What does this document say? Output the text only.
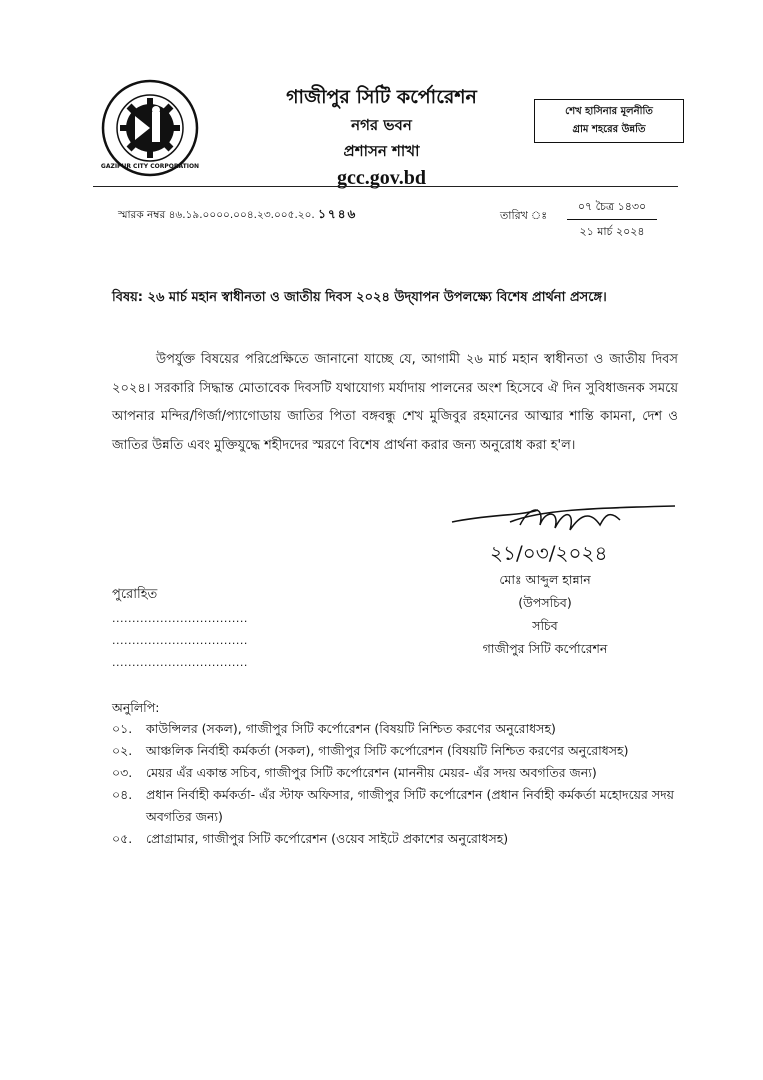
GAZIPUR CITY CORPORATION
গাজীপুর সিটি কর্পোরেশন
নগর ভবন
প্রশাসন শাখা
gcc.gov.bd
শেখ হাসিনার মূলনীতি
গ্রাম শহরের উন্নতি
স্মারক নম্বর ৪৬.১৯.০০০০.০০৪.২৩.০০৫.২০. ১৭৪৬	তারিখ ঃ
০৭ চৈত্র ১৪৩০
২১ মার্চ ২০২৪
বিষয়: ২৬ মার্চ মহান স্বাধীনতা ও জাতীয় দিবস ২০২৪ উদ্‌যাপন উপলক্ষ্যে বিশেষ প্রার্থনা প্রসঙ্গে।
উপর্যুক্ত বিষয়ের পরিপ্রেক্ষিতে জানানো যাচ্ছে যে, আগামী ২৬ মার্চ মহান স্বাধীনতা ও জাতীয় দিবস ২০২৪। সরকারি সিদ্ধান্ত মোতাবেক দিবসটি যথাযোগ্য মর্যাদায় পালনের অংশ হিসেবে ঐ দিন সুবিধাজনক সময়ে আপনার মন্দির/গির্জা/প্যাগোডায় জাতির পিতা বঙ্গবন্ধু শেখ মুজিবুর রহমানের আত্মার শান্তি কামনা, দেশ ও জাতির উন্নতি এবং মুক্তিযুদ্ধে শহীদদের স্মরণে বিশেষ প্রার্থনা করার জন্য অনুরোধ করা হ'ল।
২১/০৩/২০২৪
মোঃ আব্দুল হান্নান
(উপসচিব)
সচিব
গাজীপুর সিটি কর্পোরেশন
পুরোহিত
..................................
..................................
..................................
অনুলিপি:
০১.	কাউন্সিলর (সকল), গাজীপুর সিটি কর্পোরেশন (বিষয়টি নিশ্চিত করণের অনুরোধসহ)
০২.	আঞ্চলিক নির্বাহী কর্মকর্তা (সকল), গাজীপুর সিটি কর্পোরেশন (বিষয়টি নিশ্চিত করণের অনুরোধসহ)
০৩.	মেয়র এঁর একান্ত সচিব, গাজীপুর সিটি কর্পোরেশন (মাননীয় মেয়র- এঁর সদয় অবগতির জন্য)
০৪.	প্রধান নির্বাহী কর্মকর্তা- এঁর স্টাফ অফিসার, গাজীপুর সিটি কর্পোরেশন (প্রধান নির্বাহী কর্মকর্তা মহোদয়ের সদয় অবগতির জন্য)
০৫.	প্রোগ্রামার, গাজীপুর সিটি কর্পোরেশন (ওয়েব সাইটে প্রকাশের অনুরোধসহ)
